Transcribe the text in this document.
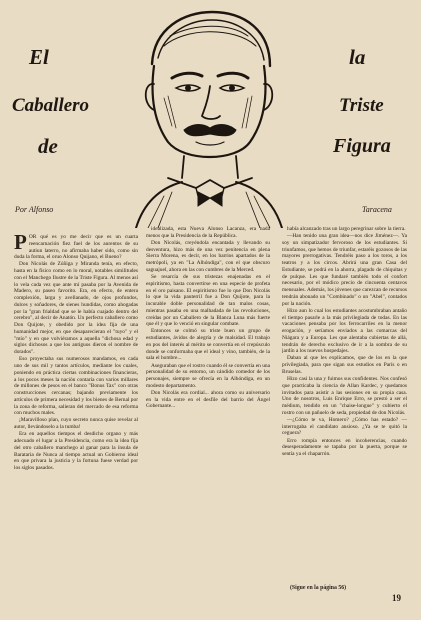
El
Caballero
de
la
Triste
Figura
Por Alfonso	Taracena

POR qué es yo me decir que es un cuarta reencarnación fiez fuel de los aurentos de su autiun laterro, no afirmaba haber sido, como sin duda la forma, el oruo Alonso Quijano, el Bueno?

Don Nicolás de Zúñiga y Miranda tenía, en efecto, hasta en la físico como en lo moral, notables similitudes con el Manchego Ilustre de la Triste Figura. Al menos así lo vela cada vez que ante mí pasaba por la Avenida de Madero, su paseo favorito. Era, en efecto, de entera complexión, larga y avellanado, de ojos profundos, dulces y soñadores, de sienes hundidas, como ahogadas por la "gran frialdad que se le había cuajado dentro del cerebro", al decir de Anatón. Un perfecto caballero como Don Quijote, y obedido por la idea fija de una humanidad mejor, en que desaparecieran el "tuyo" y el "mío" y en que volviéramos a aquella "dichosa edad y siglos dichosos a que los antiguos dieron el nombre de dorados".

Eso proyectaba sus numerosos mandamos, en cada uno de sus mil y tantos artículos, mediante los cuales, poniendo en práctica ciertas combinaciones financieras, a los pocos meses la nación contaría con varios millares de millones de pesos en el banco "Bonus Tax" con otras construcciones cercanas; bajando previamente los artículos de primera necesidad y los bienes de Bernal por la zona de reforma, salieran del mercado de esa reforma con muchos males.

¡Maravilloso plan, cuyo secreto nunca quise revelar al autor, llevándoselo a la tumba!

Era en aquellos tiempos el desdicho organo y más adecuado el lugar a la Presidencia, como era la idea fija del otro caballero manchego al ganar para la ínsula de Barataria de Nunca al tiempo actual un Gobierno ideal en que privara la justicia y la fortuna fuese verdad por los siglos pasados.

idealizada, esta Nueva Alonso Lacanza, era nada menos que la Presidencia de la República.

Don Nicolás, creyéndola encantada y llevando su desventura, hizo más de una vez penitencia en plena Sierra Morena, es decir, en los barrios apartados de la metrópoli, ya en "La Alhóndiga", con el que obscuro saguajuel, ahora en las con cumbres de la Merced.

Se resarcía de sus tristezas enajenadas en el espiritismo, hasta convertirse en una especie de profeta en el oro paisano. El espiritismo fue lo que Don Nicolás lo que la vida pauterril fue a Don Quijote, para la incurable doble personalidad de tan malos cosas, mientras pasaba en una malhadada de las revoluciones, creídas por un Caballero de la Blanca Luna más fuerte que él y que lo venció en singular combate.

Entonces se colmó su triste buen un grupo de estudiantes, ávidos de alegría y de malsidad. El trabajo en pos del interés al mérito se convertía en el crepúsculo donde se conformaba que el ideal y vino, también, de la sala el hombre...

Aseguraban que el rostro cuando él se convertía en una personalidad de su entorno, un cándido comedor de los personajes, siempre se ofrecía en la Alhóndiga, en un modesto departamento.

Don Nicolás era cordial... ahora como su aniversario en la vida entre en el desfile del barrio del Ángel Gobernante...

había alcanzado tras un largo peregrinar sobre la tierra.

—Han tenido una gran idea—nos dice Jiménez—. Ya soy un simpatizador fervoroso de los estudiantes. Si triunfamos, que hemos de triunfar, estaréis gozosos de las mayores prerrogativas. Tendréis paso a los toros, a los teatros y a los circos. Abrirá una gran Casa del Estudiante, se podrá en la ahorra, plagado de chiquitas y de pulque. Les que fundaré también todo el confort necesario, por el módico precio de cincuenta centavos mensuales. Además, los jóvenes que carezcan de recursos tendrán abonado un "Combinado" o un "Abel", contados por la nación.

Hizo aun lo cual los estudiantes acostumbraban antaño el tiempo pasarle a la más privilegiada de todas. En las vacaciones pensaba por los ferrocarriles en la menor erogación, y seríamos enviados a las comarcas del Niágara y a Europa. Les que alentaba cubiertas de allá, tendrán de derecho exclusivo de ir a la sombra de su jardín a los nuevos hospedajes.

Daban al que les explicamos, que de los en la que privilegiada, para que sigan sus estudios en París o en Bruselas.

Hizo casi la una y fuimos sus confidentes. Nos confesó que practicaba la ciencia de Allan Kardec, y quedamos invitados para asistir a las sesiones en su propia casa. Uno de nosotros, Luis Enrique Erro, se prestó a ser el médium, tendido en un "chaise-longue" y cubierto el rostro con un pañuelo de seda, propiedad de don Nicolás.

—¿Cómo te va, Homero? ¿Cómo has estado? —interrogaba el candidato ansioso. ¿Ya se te quitó la ceguera?

Erro rompía entonces en incoherencias, cuando desesperadamente se tapaba por la puerta, porque se sentía ya el chaparrón.

(Sigue en la página 56)
19
